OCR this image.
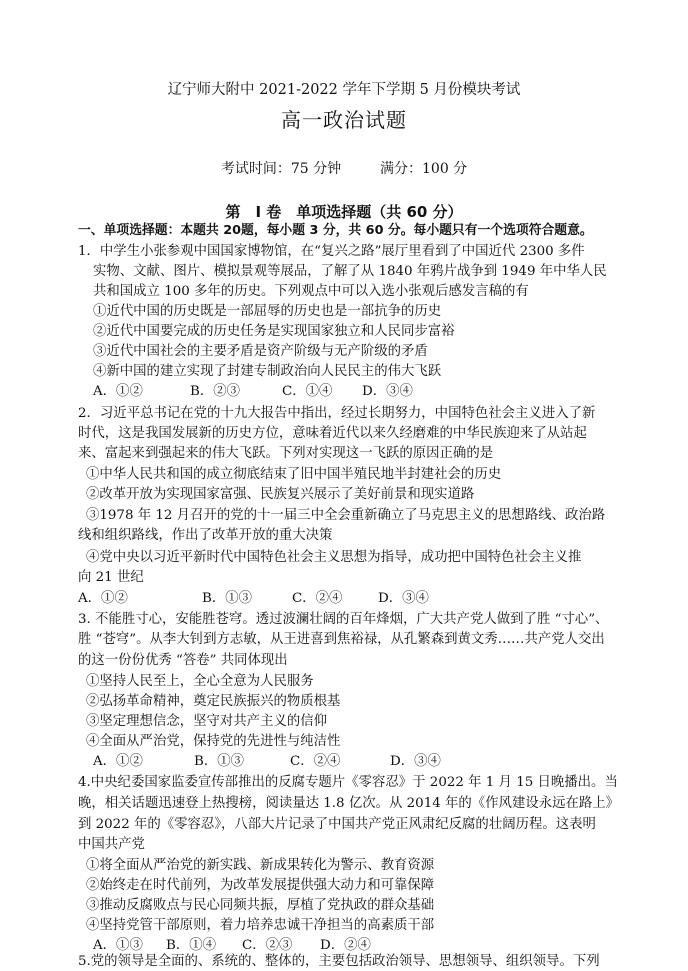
辽宁师大附中 2021-2022 学年下学期 5 月份模块考试
高一政治试题
考试时间：75 分钟	满分：100 分
第　Ⅰ 卷　单项选择题（共 60 分）
一、单项选择题：本题共 20题，每小题 3 分，共 60 分。每小题只有一个选项符合题意。
1．中学生小张参观中国国家博物馆，在“复兴之路”展厅里看到了中国近代 2300 多件
实物、文献、图片、模拟景观等展品，了解了从 1840 年鸦片战争到 1949 年中华人民
共和国成立 100 多年的历史。下列观点中可以入选小张观后感发言稿的有
①近代中国的历史既是一部屈辱的历史也是一部抗争的历史
②近代中国要完成的历史任务是实现国家独立和人民同步富裕
③近代中国社会的主要矛盾是资产阶级与无产阶级的矛盾
④新中国的建立实现了封建专制政治向人民民主的伟大飞跃
A．①②	B．②③	C．①④ D．③④
2．习近平总书记在党的十九大报告中指出，经过长期努力，中国特色社会主义进入了新
时代，这是我国发展新的历史方位，意味着近代以来久经磨难的中华民族迎来了从站起
来、富起来到强起来的伟大飞跃。下列对实现这一飞跃的原因正确的是
①中华人民共和国的成立彻底结束了旧中国半殖民地半封建社会的历史
②改革开放为实现国家富强、民族复兴展示了美好前景和现实道路
③1978 年 12 月召开的党的十一届三中全会重新确立了马克思主义的思想路线、政治路
线和组织路线，作出了改革开放的重大决策
④党中央以习近平新时代中国特色社会主义思想为指导，成功把中国特色社会主义推
向 21 世纪
A．①②	B．①③	C．②④	D．③④
3. 不能胜寸心，安能胜苍穹。透过波澜壮阔的百年烽烟，广大共产党人做到了胜 “寸心”、
胜 “苍穹”。从李大钊到方志敏，从王进喜到焦裕禄，从孔繁森到黄文秀……共产党人交出
的这一份份优秀 “答卷” 共同体现出
①坚持人民至上，全心全意为人民服务
②弘扬革命精神，奠定民族振兴的物质根基
③坚定理想信念，坚守对共产主义的信仰
④全面从严治党，保持党的先进性与纯洁性
A．①②	B．①③	C．②④	D．③④
4.中央纪委国家监委宣传部推出的反腐专题片《零容忍》于 2022 年 1 月 15 日晚播出。当
晚，相关话题迅速登上热搜榜，阅读量达 1.8 亿次。从 2014 年的《作风建设永远在路上》
到 2022 年的《零容忍》，八部大片记录了中国共产党正风肃纪反腐的壮阔历程。这表明
中国共产党
①将全面从严治党的新实践、新成果转化为警示、教育资源
②始终走在时代前列，为改革发展提供强大动力和可靠保障
③推动反腐败点与民心同频共振，厚植了党执政的群众基础
④坚持党管干部原则，着力培养忠诚干净担当的高素质干部
A．①③ B．①④ C．②③ D．②④
5.党的领导是全面的、系统的、整体的，主要包括政治领导、思想领导、组织领导。下列
